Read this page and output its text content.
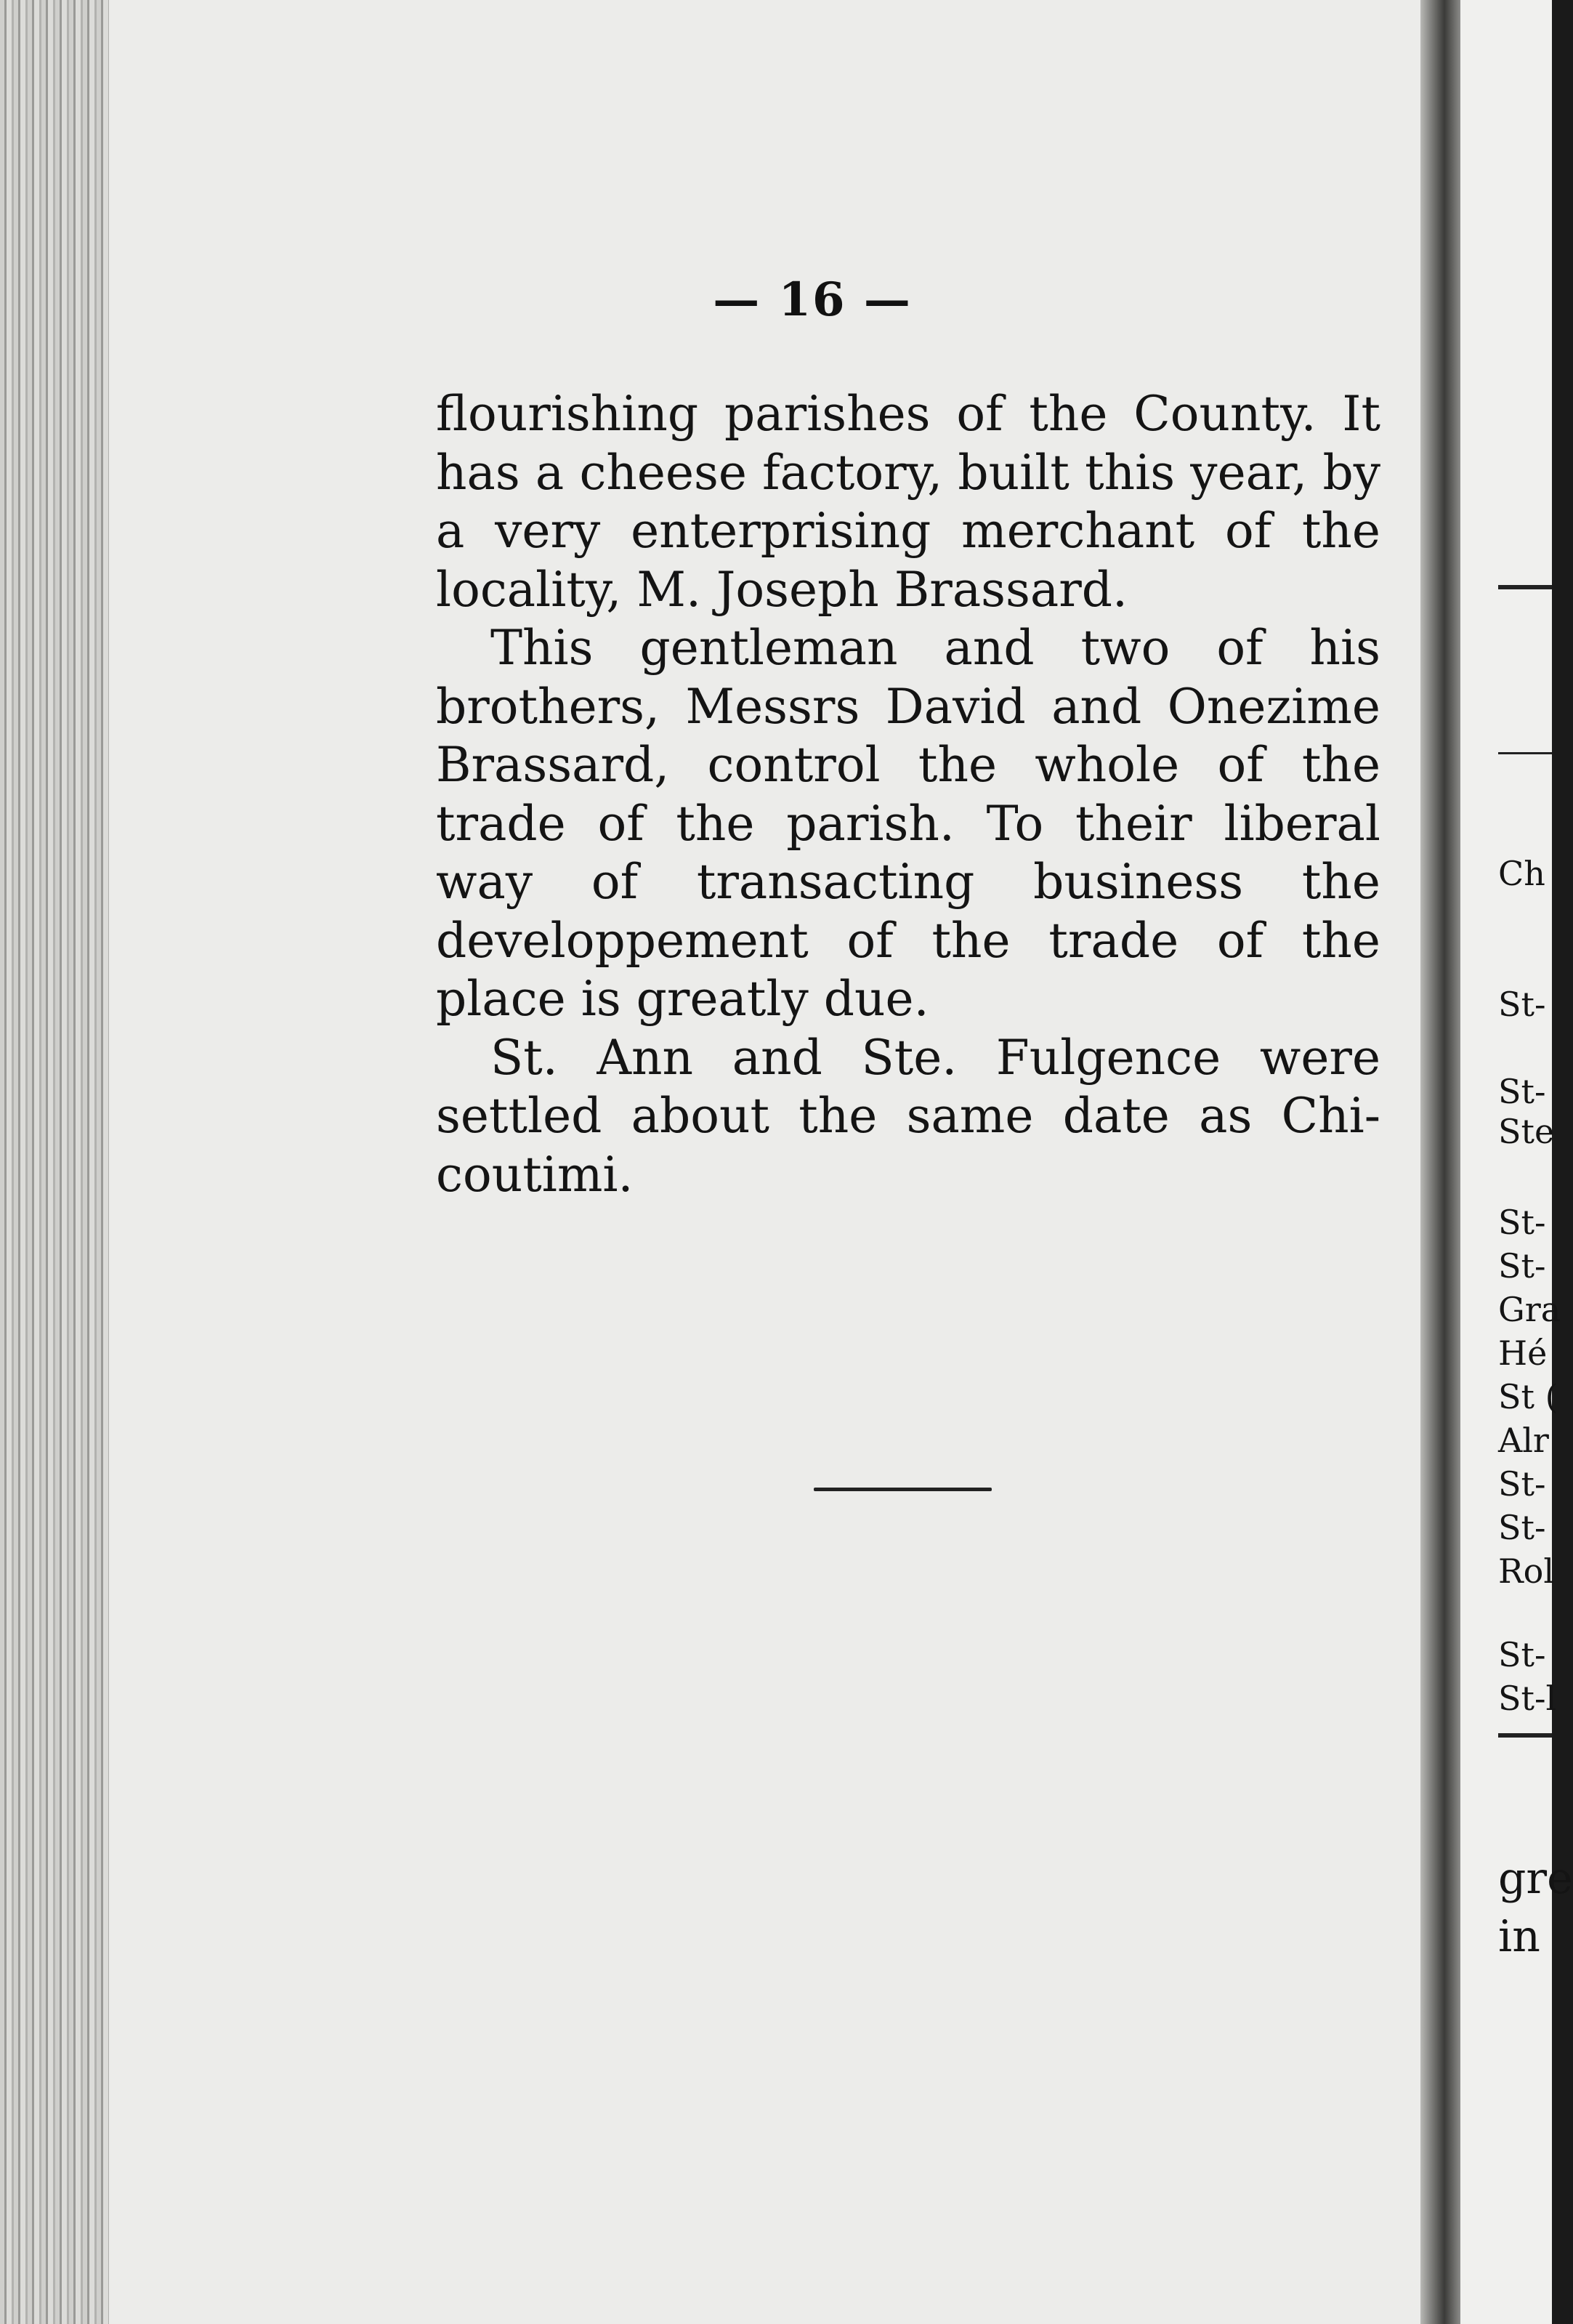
— 16 —

flourishing parishes of the County. It has a cheese factory, built this year, by a very enterprising merchant of the locality, M. Joseph Brassard.

This gentleman and two of his brothers, Messrs David and Onezime Brassard, control the whole of the trade of the parish. To their liberal way of transacting business the developpement of the trade of the place is greatly due.

St. Ann and Ste. Fulgence were settled about the same date as Chi- coutimi.

Ch
St-
St-
Ste
St-
St-
Gra
Hé
St (
Alr
St-
St-
Rol
St-
St-l
gre
in
